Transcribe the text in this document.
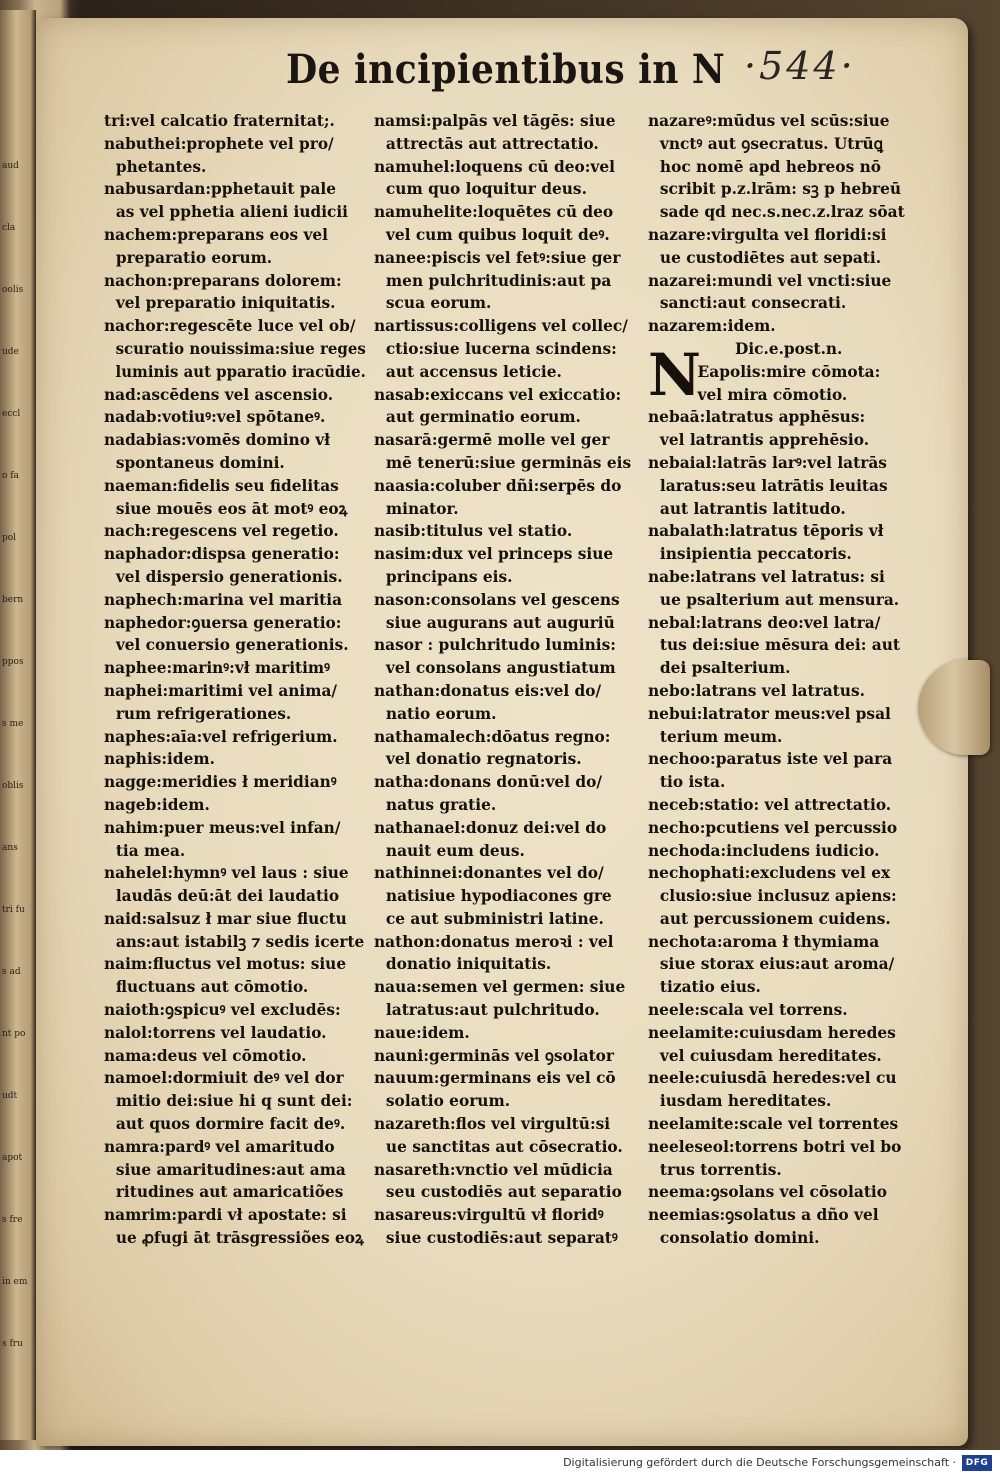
aud
cla
oolis
ude
eccl
o fa
pol
bern
ppos
s me
oblis
ans
tri fu
s ad
nt po
udt
apot
s fre
in em
s fru
De incipientibus in N ·544·
tri:vel calcatio fraternitat;.
nabuthei:prophete vel pro/
phetantes.
nabusardan:pphetauit pale
as vel pphetia alieni iudicii
nachem:preparans eos vel
preparatio eorum.
nachon:preparans dolorem:
vel preparatio iniquitatis.
nachor:regescēte luce vel ob/
scuratio nouissima:siue reges
luminis aut pparatio iracūdie.
nad:ascēdens vel ascensio.
nadab:votiuꝰ:vel spōtaneꝰ.
nadabias:vomēs domino vł
spontaneus domini.
naeman:fidelis seu fidelitas
siue mouēs eos āt motꝰ eoꝝ
nach:regescens vel regetio.
naphador:dispsa generatio:
vel dispersio generationis.
naphech:marina vel maritia
naphedor:ꝯuersa generatio:
vel conuersio generationis.
naphee:marinꝰ:vł maritimꝰ
naphei:maritimi vel anima/
rum refrigerationes.
naphes:aīa:vel refrigerium.
naphis:idem.
nagge:meridies ł meridianꝰ
nageb:idem.
nahim:puer meus:vel infan/
tia mea.
nahelel:hymnꝰ vel laus : siue
laudās deū:āt dei laudatio
naid:salsuz ł mar siue fluctu
ans:aut istabilꝫ ⁊ sedis icerte
naim:fluctus vel motus: siue
fluctuans aut cōmotio.
naioth:ꝯspicuꝰ vel excludēs:
nalol:torrens vel laudatio.
nama:deus vel cōmotio.
namoel:dormiuit deꝰ vel dor
mitio dei:siue hi q sunt dei:
aut quos dormire facit deꝰ.
namra:pardꝰ vel amaritudo
siue amaritudines:aut ama
ritudines aut amaricatiões
namrim:pardi vł apostate: si
ue ꝓfugi āt trāsgressiões eoꝝ
namsi:palpās vel tāgēs: siue
attrectās aut attrectatio.
namuhel:loquens cū deo:vel
cum quo loquitur deus.
namuhelite:loquētes cū deo
vel cum quibus loquit deꝰ.
nanee:piscis vel fetꝰ:siue ger
men pulchritudinis:aut pa
scua eorum.
nartissus:colligens vel collec/
ctio:siue lucerna scindens:
aut accensus leticie.
nasab:exiccans vel exiccatio:
aut germinatio eorum.
nasarā:germē molle vel ger
mē tenerū:siue germinās eis
naasia:coluber dñi:serpēs do
minator.
nasib:titulus vel statio.
nasim:dux vel princeps siue
principans eis.
nason:consolans vel gescens
siue augurans aut auguriū
nasor : pulchritudo luminis:
vel consolans angustiatum
nathan:donatus eis:vel do/
natio eorum.
nathamalech:dōatus regno:
vel donatio regnatoris.
natha:donans donū:vel do/
natus gratie.
nathanael:donuz dei:vel do
nauit eum deus.
nathinnei:donantes vel do/
natisiue hypodiacones gre
ce aut subministri latine.
nathon:donatus meroꝛi : vel
donatio iniquitatis.
naua:semen vel germen: siue
latratus:aut pulchritudo.
naue:idem.
nauni:germinās vel ꝯsolator
nauum:germinans eis vel cō
solatio eorum.
nazareth:flos vel virgultū:si
ue sanctitas aut cōsecratio.
nasareth:vnctio vel mūdicia
seu custodiēs aut separatio
nasareus:virgultū vł floridꝰ
siue custodiēs:aut separatꝰ
nazareꝰ:mūdus vel scūs:siue
vnctꝰ aut ꝯsecratus. Utrūꝗ
hoc nomē apd hebreos nō
scribit p.z.lrām: sꝫ p hebreū
sade qd nec.s.nec.z.lraz sōat
nazare:virgulta vel floridi:si
ue custodiētes aut sepati.
nazarei:mundi vel vncti:siue
sancti:aut consecrati.
nazarem:idem.
Dic.e.post.n.
Eapolis:mire cōmota:
vel mira cōmotio.
nebaā:latratus apphēsus:
vel latrantis apprehēsio.
nebaial:latrās larꝰ:vel latrās
laratus:seu latrātis leuitas
aut latrantis latitudo.
nabalath:latratus tēporis vł
insipientia peccatoris.
nabe:latrans vel latratus: si
ue psalterium aut mensura.
nebal:latrans deo:vel latra/
tus dei:siue mēsura dei: aut
dei psalterium.
nebo:latrans vel latratus.
nebui:latrator meus:vel psal
terium meum.
nechoo:paratus iste vel para
tio ista.
neceb:statio: vel attrectatio.
necho:pcutiens vel percussio
nechoda:includens iudicio.
nechophati:excludens vel ex
clusio:siue inclusuz apiens:
aut percussionem cuidens.
nechota:aroma ł thymiama
siue storax eius:aut aroma/
tizatio eius.
neele:scala vel torrens.
neelamite:cuiusdam heredes
vel cuiusdam hereditates.
neele:cuiusdā heredes:vel cu
iusdam hereditates.
neelamite:scale vel torrentes
neeleseol:torrens botri vel bo
trus torrentis.
neema:ꝯsolans vel cōsolatio
neemias:ꝯsolatus a dño vel
consolatio domini.
N
Digitalisierung gefördert durch die Deutsche Forschungsgemeinschaft ·	DFG
